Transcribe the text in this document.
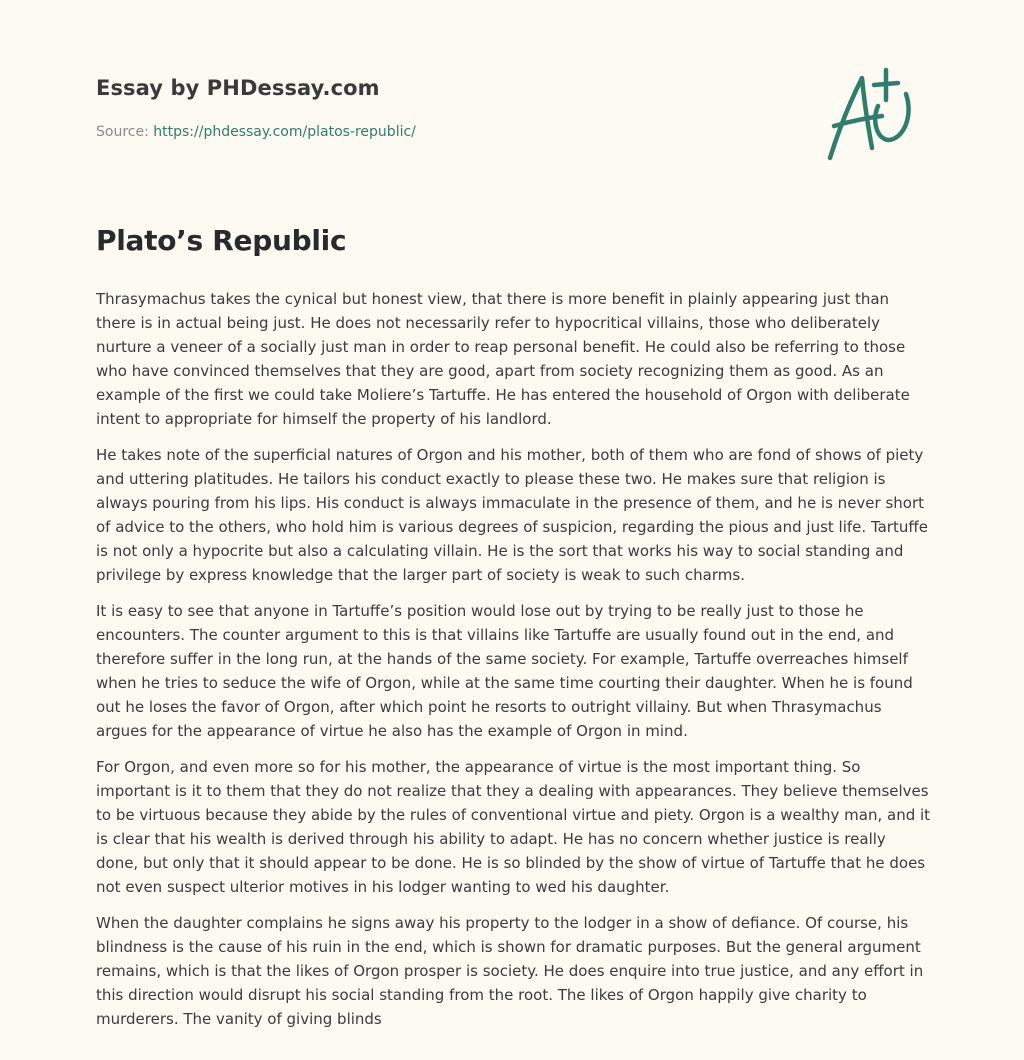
Essay by PHDessay.com
Source: https://phdessay.com/platos-republic/
Plato’s Republic

Thrasymachus takes the cynical but honest view, that there is more benefit in plainly appearing just than there is in actual being just. He does not necessarily refer to hypocritical villains, those who deliberately nurture a veneer of a socially just man in order to reap personal benefit. He could also be referring to those who have convinced themselves that they are good, apart from society recognizing them as good. As an example of the first we could take Moliere’s Tartuffe. He has entered the household of Orgon with deliberate intent to appropriate for himself the property of his landlord.

He takes note of the superficial natures of Orgon and his mother, both of them who are fond of shows of piety and uttering platitudes. He tailors his conduct exactly to please these two. He makes sure that religion is always pouring from his lips. His conduct is always immaculate in the presence of them, and he is never short of advice to the others, who hold him is various degrees of suspicion, regarding the pious and just life. Tartuffe is not only a hypocrite but also a calculating villain. He is the sort that works his way to social standing and privilege by express knowledge that the larger part of society is weak to such charms.

It is easy to see that anyone in Tartuffe’s position would lose out by trying to be really just to those he encounters. The counter argument to this is that villains like Tartuffe are usually found out in the end, and therefore suffer in the long run, at the hands of the same society. For example, Tartuffe overreaches himself when he tries to seduce the wife of Orgon, while at the same time courting their daughter. When he is found out he loses the favor of Orgon, after which point he resorts to outright villainy. But when Thrasymachus argues for the appearance of virtue he also has the example of Orgon in mind.

For Orgon, and even more so for his mother, the appearance of virtue is the most important thing. So important is it to them that they do not realize that they a dealing with appearances. They believe themselves to be virtuous because they abide by the rules of conventional virtue and piety. Orgon is a wealthy man, and it is clear that his wealth is derived through his ability to adapt. He has no concern whether justice is really done, but only that it should appear to be done. He is so blinded by the show of virtue of Tartuffe that he does not even suspect ulterior motives in his lodger wanting to wed his daughter.

When the daughter complains he signs away his property to the lodger in a show of defiance. Of course, his blindness is the cause of his ruin in the end, which is shown for dramatic purposes. But the general argument remains, which is that the likes of Orgon prosper is society. He does enquire into true justice, and any effort in this direction would disrupt his social standing from the root. The likes of Orgon happily give charity to murderers. The vanity of giving blinds
